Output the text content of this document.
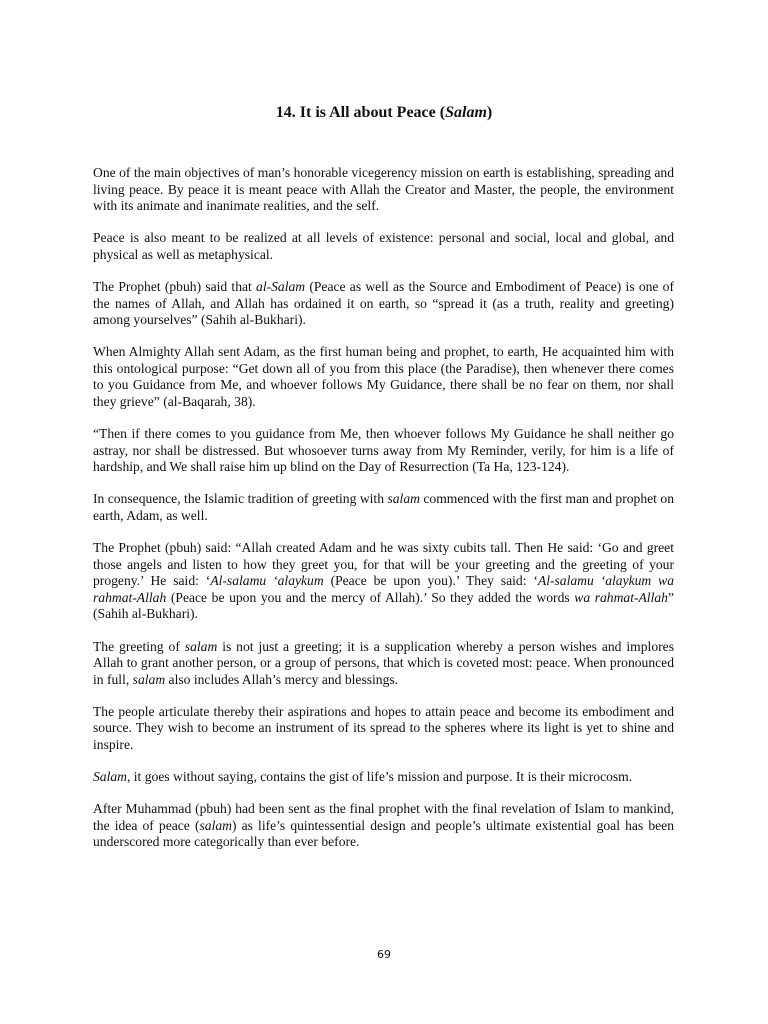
14. It is All about Peace (Salam)

One of the main objectives of man’s honorable vicegerency mission on earth is establishing, spreading and living peace. By peace it is meant peace with Allah the Creator and Master, the people, the environment with its animate and inanimate realities, and the self.

Peace is also meant to be realized at all levels of existence: personal and social, local and global, and physical as well as metaphysical.

The Prophet (pbuh) said that al-Salam (Peace as well as the Source and Embodiment of Peace) is one of the names of Allah, and Allah has ordained it on earth, so “spread it (as a truth, reality and greeting) among yourselves” (Sahih al-Bukhari).

When Almighty Allah sent Adam, as the first human being and prophet, to earth, He acquainted him with this ontological purpose: “Get down all of you from this place (the Paradise), then whenever there comes to you Guidance from Me, and whoever follows My Guidance, there shall be no fear on them, nor shall they grieve” (al-Baqarah, 38).

“Then if there comes to you guidance from Me, then whoever follows My Guidance he shall neither go astray, nor shall be distressed. But whosoever turns away from My Reminder, verily, for him is a life of hardship, and We shall raise him up blind on the Day of Resurrection (Ta Ha, 123-124).

In consequence, the Islamic tradition of greeting with salam commenced with the first man and prophet on earth, Adam, as well.

The Prophet (pbuh) said: “Allah created Adam and he was sixty cubits tall. Then He said: ‘Go and greet those angels and listen to how they greet you, for that will be your greeting and the greeting of your progeny.’ He said: ‘Al-salamu ‘alaykum (Peace be upon you).’ They said: ‘Al-salamu ‘alaykum wa rahmat-Allah (Peace be upon you and the mercy of Allah).’ So they added the words wa rahmat-Allah” (Sahih al-Bukhari).

The greeting of salam is not just a greeting; it is a supplication whereby a person wishes and implores Allah to grant another person, or a group of persons, that which is coveted most: peace. When pronounced in full, salam also includes Allah’s mercy and blessings.

The people articulate thereby their aspirations and hopes to attain peace and become its embodiment and source. They wish to become an instrument of its spread to the spheres where its light is yet to shine and inspire.

Salam, it goes without saying, contains the gist of life’s mission and purpose. It is their microcosm.

After Muhammad (pbuh) had been sent as the final prophet with the final revelation of Islam to mankind, the idea of peace (salam) as life’s quintessential design and people’s ultimate existential goal has been underscored more categorically than ever before.

69
